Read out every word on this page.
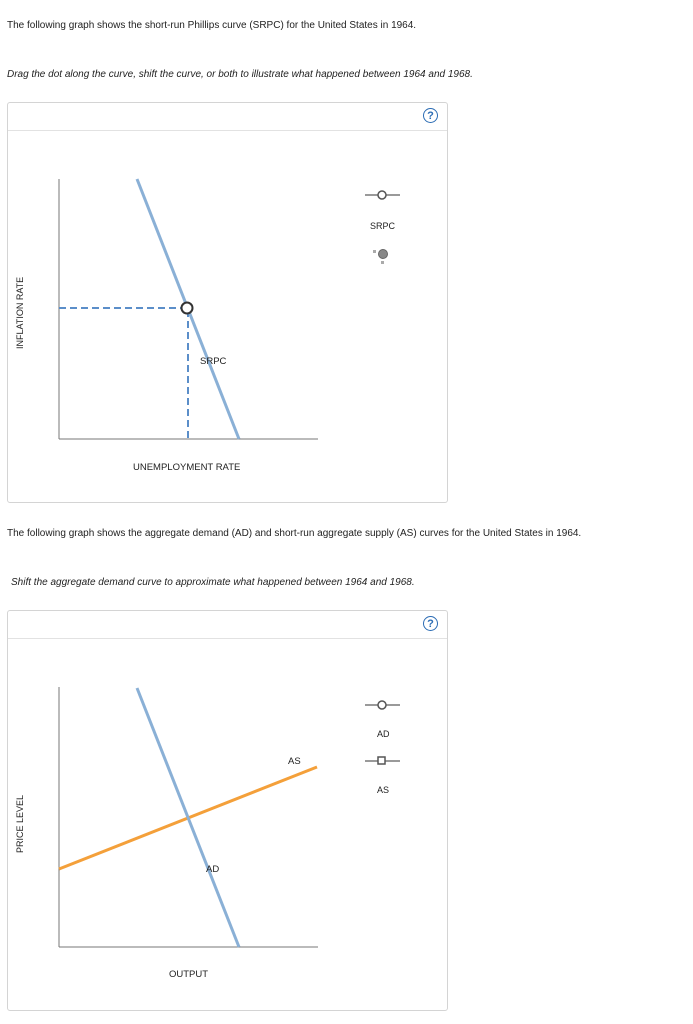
The following graph shows the short-run Phillips curve (SRPC) for the United States in 1964.
Drag the dot along the curve, shift the curve, or both to illustrate what happened between 1964 and 1968.
?
SRPC
UNEMPLOYMENT RATE
INFLATION RATE
SRPC
The following graph shows the aggregate demand (AD) and short-run aggregate supply (AS) curves for the United States in 1964.
Shift the aggregate demand curve to approximate what happened between 1964 and 1968.
?
AS
AD
OUTPUT
PRICE LEVEL
AD
AS
